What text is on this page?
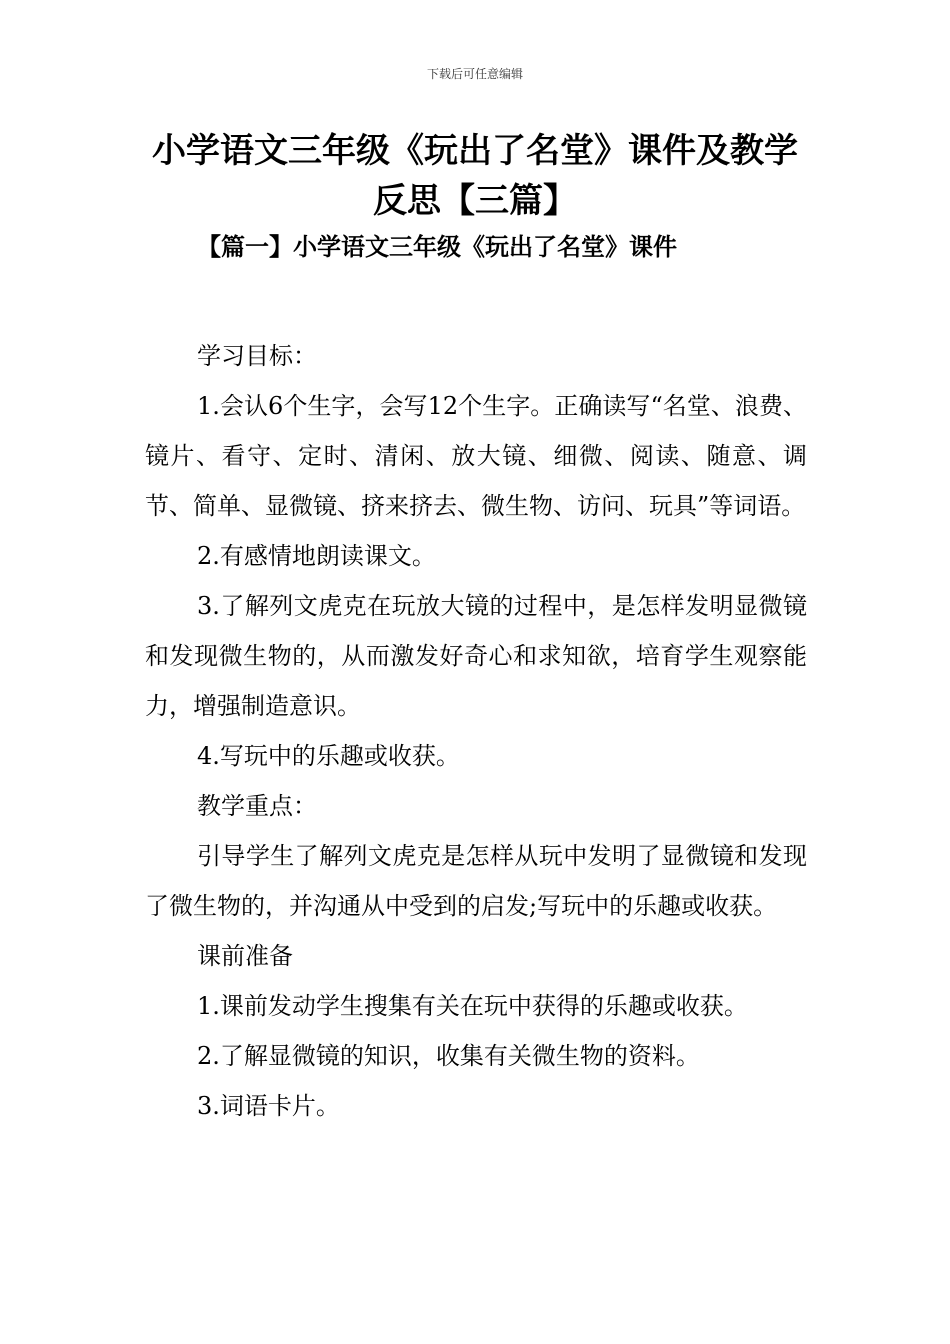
下载后可任意编辑
小学语文三年级《玩出了名堂》课件及教学反思【三篇】
【篇一】小学语文三年级《玩出了名堂》课件

学习目标：

1.会认6个生字，会写12个生字。正确读写“名堂、浪费、镜片、看守、定时、清闲、放大镜、细微、阅读、随意、调节、简单、显微镜、挤来挤去、微生物、访问、玩具”等词语。

2.有感情地朗读课文。

3.了解列文虎克在玩放大镜的过程中，是怎样发明显微镜和发现微生物的，从而激发好奇心和求知欲，培育学生观察能力，增强制造意识。

4.写玩中的乐趣或收获。

教学重点：

引导学生了解列文虎克是怎样从玩中发明了显微镜和发现了微生物的，并沟通从中受到的启发;写玩中的乐趣或收获。

课前准备

1.课前发动学生搜集有关在玩中获得的乐趣或收获。

2.了解显微镜的知识，收集有关微生物的资料。

3.词语卡片。
